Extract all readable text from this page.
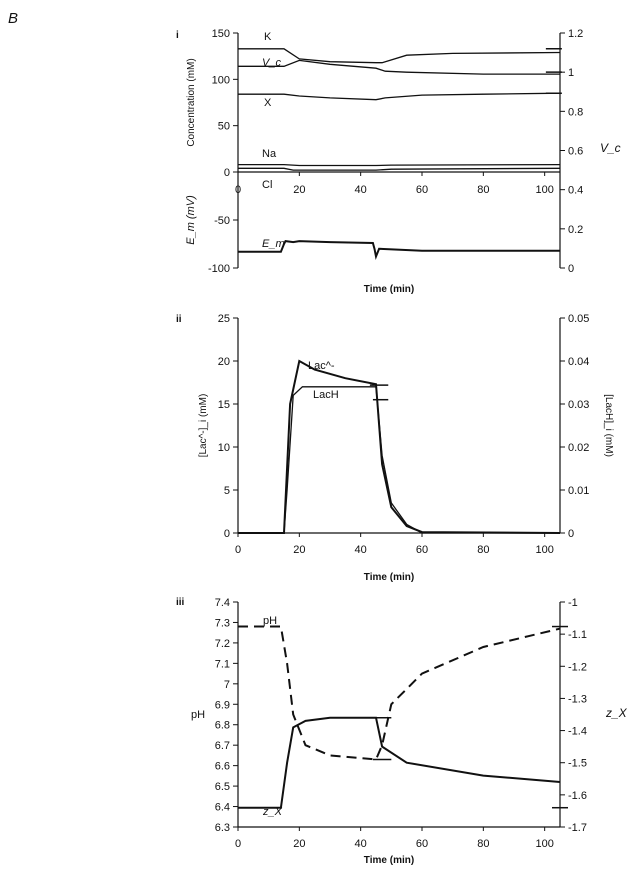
B
i
0
50
100
150
-50
-100	0
0.2
0.4
0.6
0.8
1
1.2
0	20	40	60	80	100
Time (min)
Concentration (mM)
E_m (mV)
V_c
K
V_c
X
Na
Cl
E_m
ii
0
5
10
15
20
25
0
0.01
0.02
0.03
0.04
0.05
0	20	40	60	80	100
Time (min)
[Lac^-]_i (mM)	[LacH]_i (mM)
Lac^-
LacH
iii
6.3
6.4
6.5
6.6
6.7
6.8
6.9
7
7.1
7.2
7.3
7.4
-1.7
-1.6
-1.5
-1.4
-1.3
-1.2
-1.1
-1
0	20	40	60	80	100
Time (min)
pH	z_X
pH
z_X
